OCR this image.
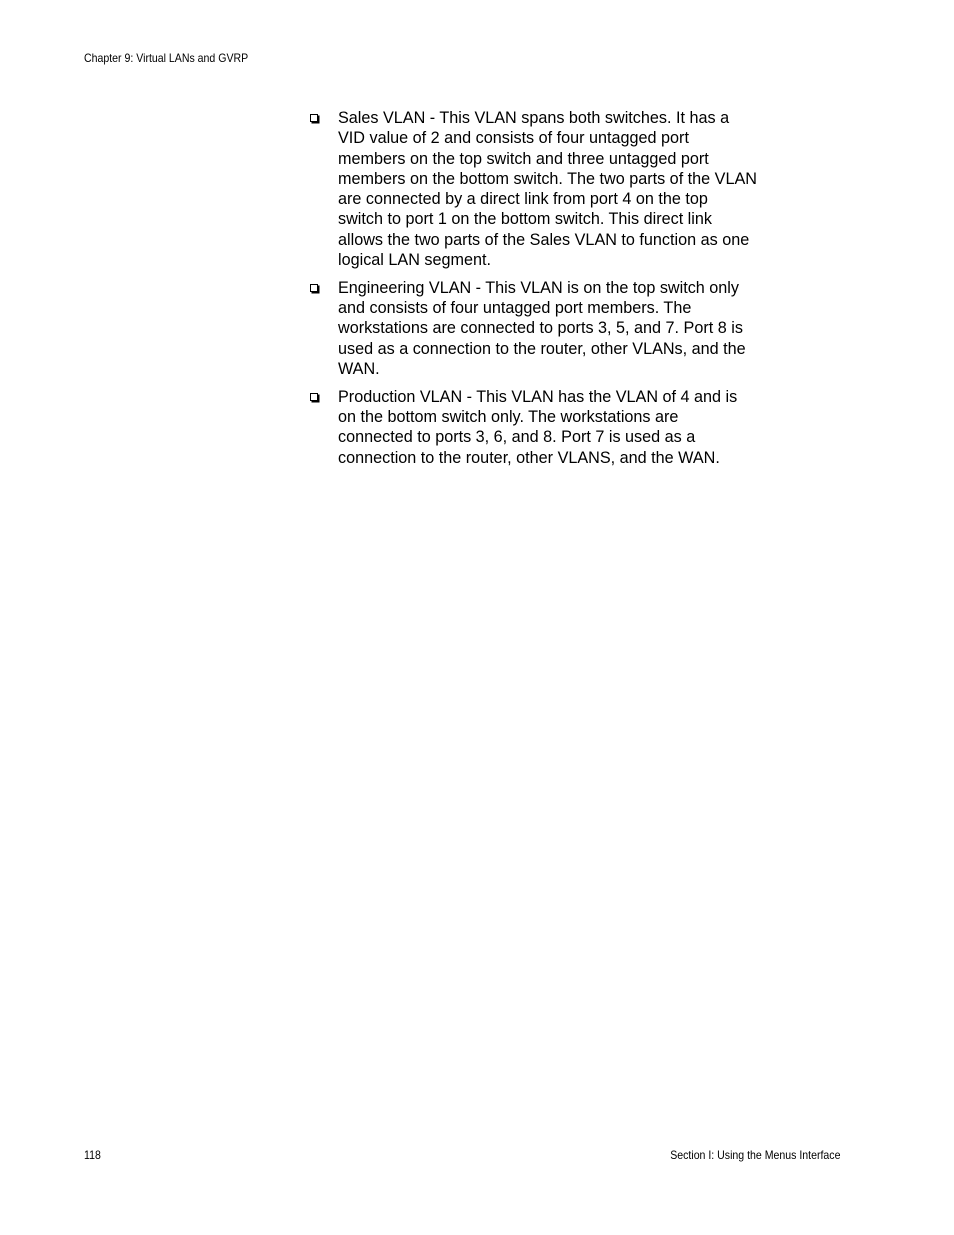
Chapter 9: Virtual LANs and GVRP
Sales VLAN - This VLAN spans both switches. It has a VID value of 2 and consists of four untagged port members on the top switch and three untagged port members on the bottom switch. The two parts of the VLAN are connected by a direct link from port 4 on the top switch to port 1 on the bottom switch. This direct link allows the two parts of the Sales VLAN to function as one logical LAN segment.
Engineering VLAN - This VLAN is on the top switch only and consists of four untagged port members. The workstations are connected to ports 3, 5, and 7. Port 8 is used as a connection to the router, other VLANs, and the WAN.
Production VLAN - This VLAN has the VLAN of 4 and is on the bottom switch only. The workstations are connected to ports 3, 6, and 8. Port 7 is used as a connection to the router, other VLANS, and the WAN.
118	Section I: Using the Menus Interface
